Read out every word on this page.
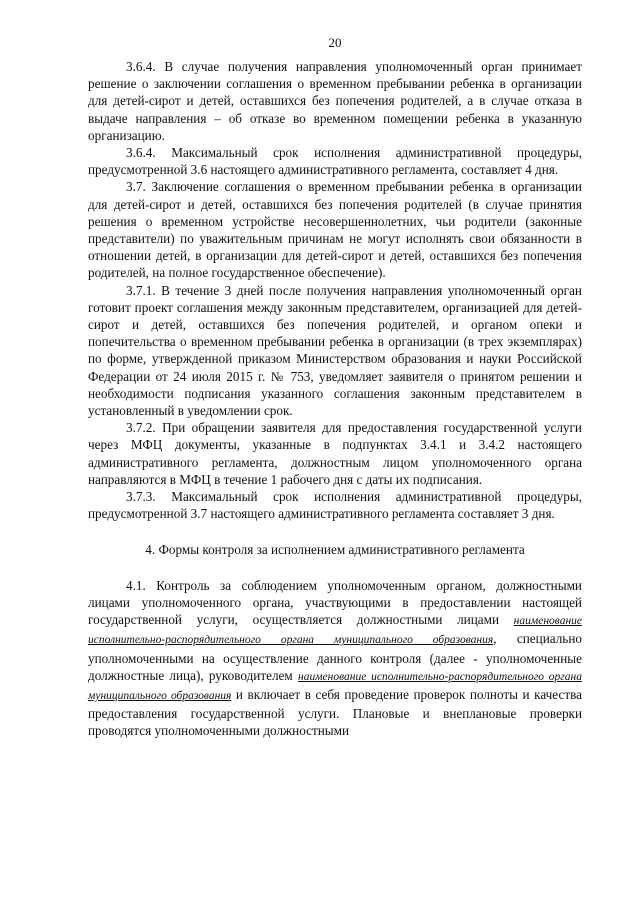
20

3.6.4. В случае получения направления уполномоченный орган принимает решение о заключении соглашения о временном пребывании ребенка в организации для детей-сирот и детей, оставшихся без попечения родителей, а в случае отказа в выдаче направления – об отказе во временном помещении ребенка в указанную организацию.

3.6.4. Максимальный срок исполнения административной процедуры, предусмотренной 3.6 настоящего административного регламента, составляет 4 дня.

3.7. Заключение соглашения о временном пребывании ребенка в организации для детей-сирот и детей, оставшихся без попечения родителей (в случае принятия решения о временном устройстве несовершеннолетних, чьи родители (законные представители) по уважительным причинам не могут исполнять свои обязанности в отношении детей, в организации для детей-сирот и детей, оставшихся без попечения родителей, на полное государственное обеспечение).

3.7.1. В течение 3 дней после получения направления уполномоченный орган готовит проект соглашения между законным представителем, организацией для детей-сирот и детей, оставшихся без попечения родителей, и органом опеки и попечительства о временном пребывании ребенка в организации (в трех экземплярах) по форме, утвержденной приказом Министерством образования и науки Российской Федерации от 24 июля 2015 г. № 753, уведомляет заявителя о принятом решении и необходимости подписания указанного соглашения законным представителем в установленный в уведомлении срок.

3.7.2. При обращении заявителя для предоставления государственной услуги через МФЦ документы, указанные в подпунктах 3.4.1 и 3.4.2 настоящего административного регламента, должностным лицом уполномоченного органа направляются в МФЦ в течение 1 рабочего дня с даты их подписания.

3.7.3. Максимальный срок исполнения административной процедуры, предусмотренной 3.7 настоящего административного регламента составляет 3 дня.

4. Формы контроля за исполнением административного регламента

4.1. Контроль за соблюдением уполномоченным органом, должностными лицами уполномоченного органа, участвующими в предоставлении настоящей государственной услуги, осуществляется должностными лицами наименование исполнительно-распорядительного органа муниципального образования, специально уполномоченными на осуществление данного контроля (далее - уполномоченные должностные лица), руководителем наименование исполнительно-распорядительного органа муниципального образования и включает в себя проведение проверок полноты и качества предоставления государственной услуги. Плановые и внеплановые проверки проводятся уполномоченными должностными
